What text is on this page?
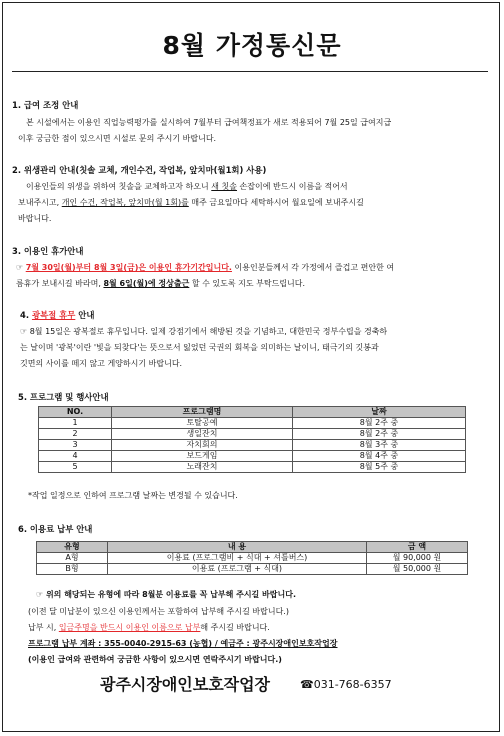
8월 가정통신문
1. 급여 조정 안내
본 시설에서는 이용인 직업능력평가를 실시하여 7월부터 급여책정표가 새로 적용되어 7월 25일 급여지급
이후 궁금한 점이 있으시면 시설로 문의 주시기 바랍니다.
2. 위생관리 안내(칫솔 교체, 개인수건, 작업복, 앞치마(월1회) 사용)
이용인들의 위생을 위하여 칫솔을 교체하고자 하오니 새 칫솔 손잡이에 반드시 이름을 적어서
보내주시고, 개인 수건, 작업복, 앞치마(월 1회)를 매주 금요일마다 세탁하시어 월요일에 보내주시길
바랍니다.
3. 이용인 휴가안내
☞ 7월 30일(월)부터 8월 3일(금)은 이용인 휴가기간입니다. 이용인분들께서 각 가정에서 즐겁고 편안한 여
름휴가 보내시길 바라며, 8월 6일(월)에 정상출근 할 수 있도록 지도 부탁드립니다.
4. 광복절 휴무 안내
☞ 8월 15일은 광복절로 휴무입니다. 일제 강점기에서 해방된 것을 기념하고, 대한민국 정부수립을 경축하
는 날이며 '광복'이란 '빛을 되찾다'는 뜻으로서 잃었던 국권의 회복을 의미하는 날이니, 태극기의 깃봉과
깃면의 사이를 떼지 않고 게양하시기 바랍니다.
5. 프로그램 및 행사안내
NO.	프로그램명	날짜
1	토탈공예	8월 2주 중
2	생일잔치	8월 2주 중
3	자치회의	8월 3주 중
4	보드게임	8월 4주 중
5	노래잔치	8월 5주 중
*작업 일정으로 인하여 프로그램 날짜는 변경될 수 있습니다.
6. 이용료 납부 안내
유형	내 용	금 액
A형	이용료 (프로그램비 + 식대 + 셔틀버스)	월 90,000 원
B형	이용료 (프로그램 + 식대)	월 50,000 원
☞ 위의 해당되는 유형에 따라 8월분 이용료를 꼭 납부해 주시길 바랍니다.
(이전 달 미납분이 있으신 이용인께서는 포함하여 납부해 주시길 바랍니다.)
납부 시, 입금주명을 반드시 이용인 이름으로 납부해 주시길 바랍니다.
프로그램 납부 계좌 : 355-0040-2915-63 (농협) / 예금주 : 광주시장애인보호작업장
(이용인 급여와 관련하여 궁금한 사항이 있으시면 연락주시기 바랍니다.)
광주시장애인보호작업장	☎031-768-6357
